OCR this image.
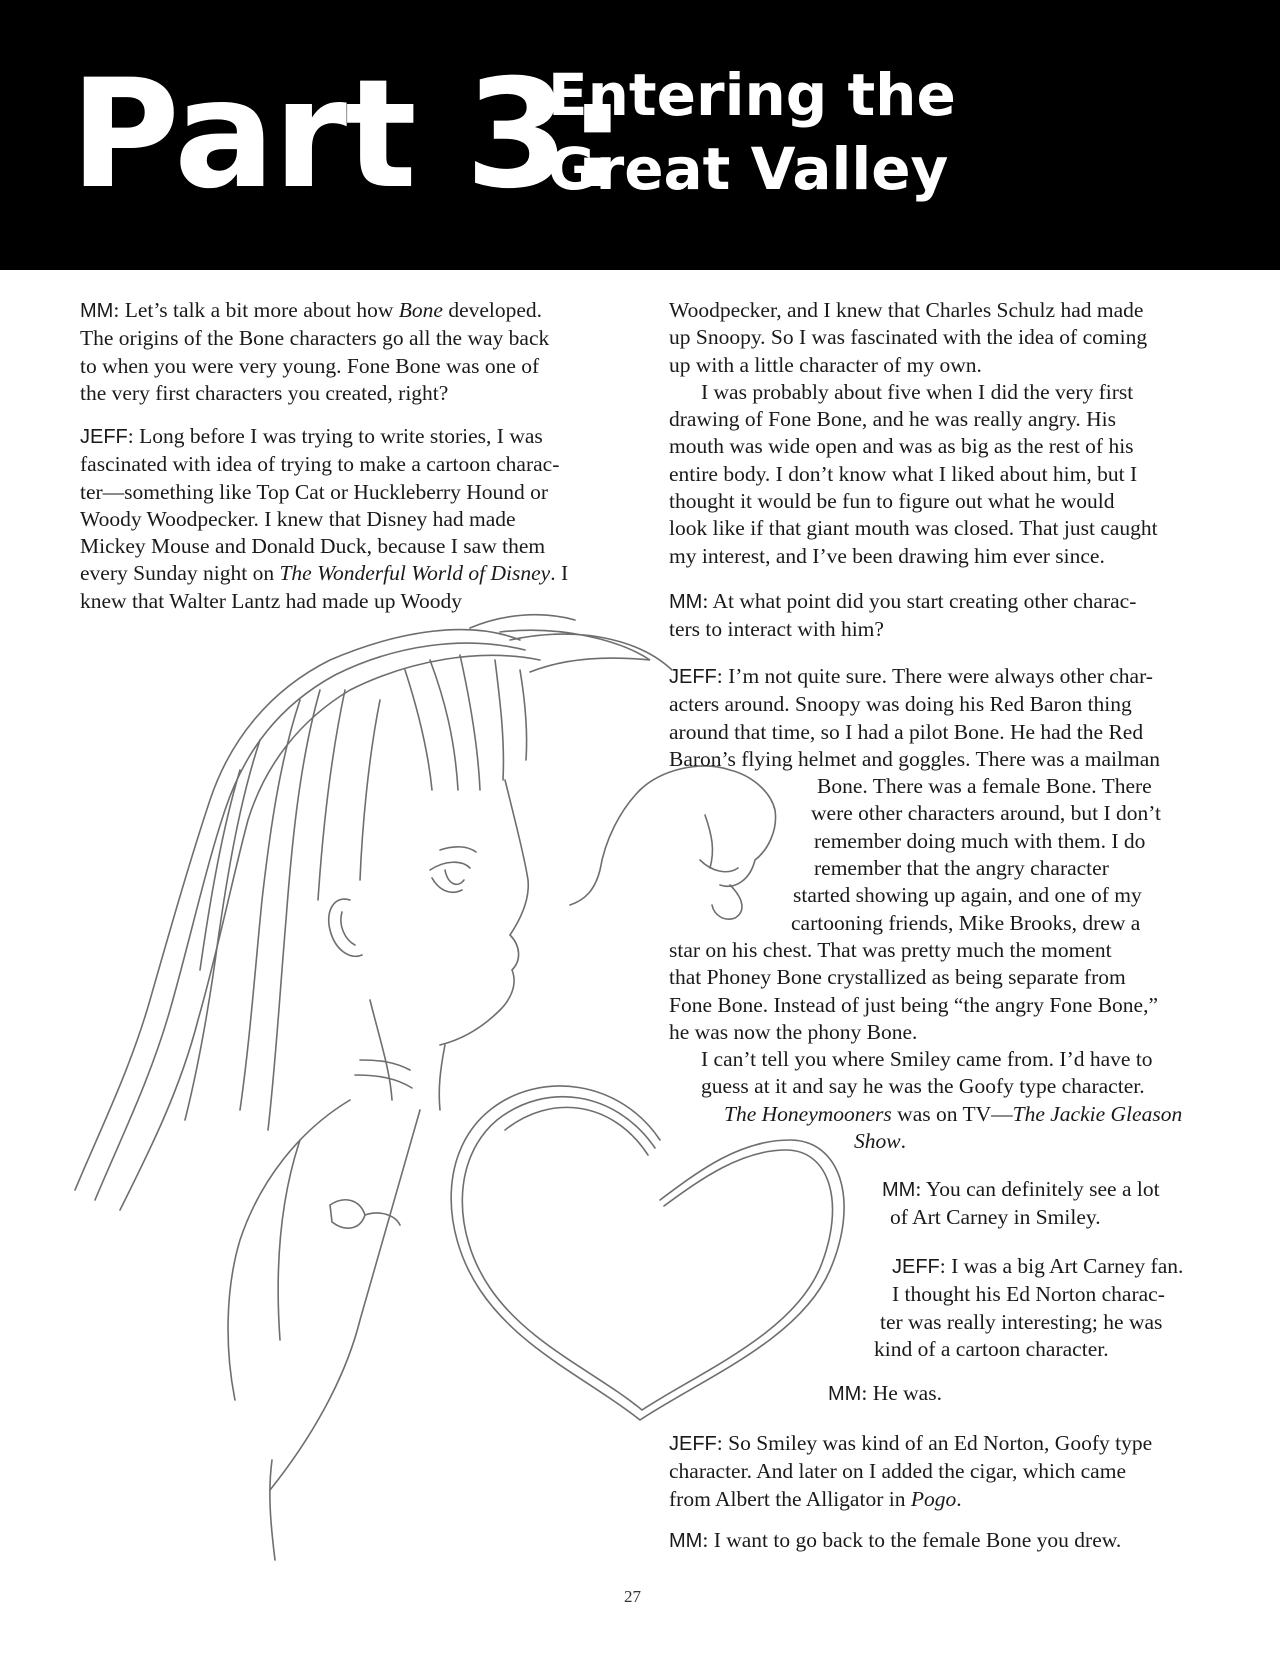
Part 3:
Entering the
Great Valley
MM: Let’s talk a bit more about how Bone developed.
The origins of the Bone characters go all the way back
to when you were very young. Fone Bone was one of
the very first characters you created, right?
JEFF: Long before I was trying to write stories, I was
fascinated with idea of trying to make a cartoon charac-
ter—something like Top Cat or Huckleberry Hound or
Woody Woodpecker. I knew that Disney had made
Mickey Mouse and Donald Duck, because I saw them
every Sunday night on The Wonderful World of Disney. I
knew that Walter Lantz had made up Woody
Woodpecker, and I knew that Charles Schulz had made
up Snoopy. So I was fascinated with the idea of coming
up with a little character of my own.
I was probably about five when I did the very first
drawing of Fone Bone, and he was really angry. His
mouth was wide open and was as big as the rest of his
entire body. I don’t know what I liked about him, but I
thought it would be fun to figure out what he would
look like if that giant mouth was closed. That just caught
my interest, and I’ve been drawing him ever since.
MM: At what point did you start creating other charac-
ters to interact with him?
JEFF: I’m not quite sure. There were always other char-
acters around. Snoopy was doing his Red Baron thing
around that time, so I had a pilot Bone. He had the Red
Baron’s flying helmet and goggles. There was a mailman
Bone. There was a female Bone. There
were other characters around, but I don’t
remember doing much with them. I do
remember that the angry character
started showing up again, and one of my
cartooning friends, Mike Brooks, drew a
star on his chest. That was pretty much the moment
that Phoney Bone crystallized as being separate from
Fone Bone. Instead of just being “the angry Fone Bone,”
he was now the phony Bone.
I can’t tell you where Smiley came from. I’d have to
guess at it and say he was the Goofy type character.
The Honeymooners was on TV—The Jackie Gleason
Show.
MM: You can definitely see a lot
of Art Carney in Smiley.
JEFF: I was a big Art Carney fan.
I thought his Ed Norton charac-
ter was really interesting; he was
kind of a cartoon character.
MM: He was.
JEFF: So Smiley was kind of an Ed Norton, Goofy type
character. And later on I added the cigar, which came
from Albert the Alligator in Pogo.
MM: I want to go back to the female Bone you drew.
27
